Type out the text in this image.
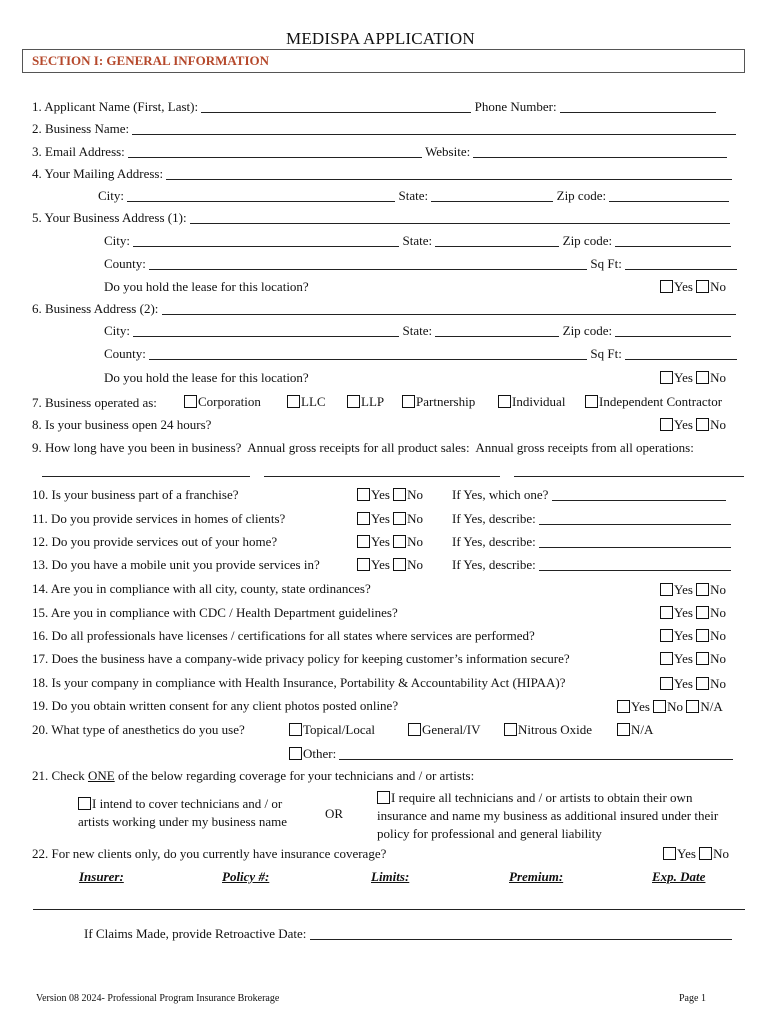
MEDISPA APPLICATION
SECTION I: GENERAL INFORMATION
1. Applicant Name (First, Last):	Phone Number:
2. Business Name:
3. Email Address:	Website:
4. Your Mailing Address:
City:	State:	Zip code:
5. Your Business Address (1):
City:	State:	Zip code:
County:	Sq Ft:
Do you hold the lease for this location?	Yes No
6. Business Address (2):
City:	State:	Zip code:
County:	Sq Ft:
Do you hold the lease for this location?	Yes No
7. Business operated as:	Corporation	LLC	LLP	Partnership	Individual	Independent Contractor
8. Is your business open 24 hours?	Yes No
9. How long have you been in business? Annual gross receipts for all product sales: Annual gross receipts from all operations:
10. Is your business part of a franchise?	Yes No If Yes, which one?
11. Do you provide services in homes of clients?	Yes No If Yes, describe:
12. Do you provide services out of your home?	Yes No If Yes, describe:
13. Do you have a mobile unit you provide services in?	Yes No If Yes, describe:
14. Are you in compliance with all city, county, state ordinances?	Yes No
15. Are you in compliance with CDC / Health Department guidelines?	Yes No
16. Do all professionals have licenses / certifications for all states where services are performed?	Yes No
17. Does the business have a company-wide privacy policy for keeping customer’s information secure?	Yes No
18. Is your company in compliance with Health Insurance, Portability & Accountability Act (HIPAA)?	Yes No
19. Do you obtain written consent for any client photos posted online?	Yes No N/A
20. What type of anesthetics do you use?	Topical/Local	General/IV	Nitrous Oxide	N/A
Other:
21. Check ONE of the below regarding coverage for your technicians and / or artists:
I intend to cover technicians and / or
artists working under my business name
OR
I require all technicians and / or artists to obtain their own
insurance and name my business as additional insured under their
policy for professional and general liability
22. For new clients only, do you currently have insurance coverage?	Yes No
Insurer:	Policy #:	Limits:	Premium:	Exp. Date
If Claims Made, provide Retroactive Date:
Version 08 2024- Professional Program Insurance Brokerage	Page 1
